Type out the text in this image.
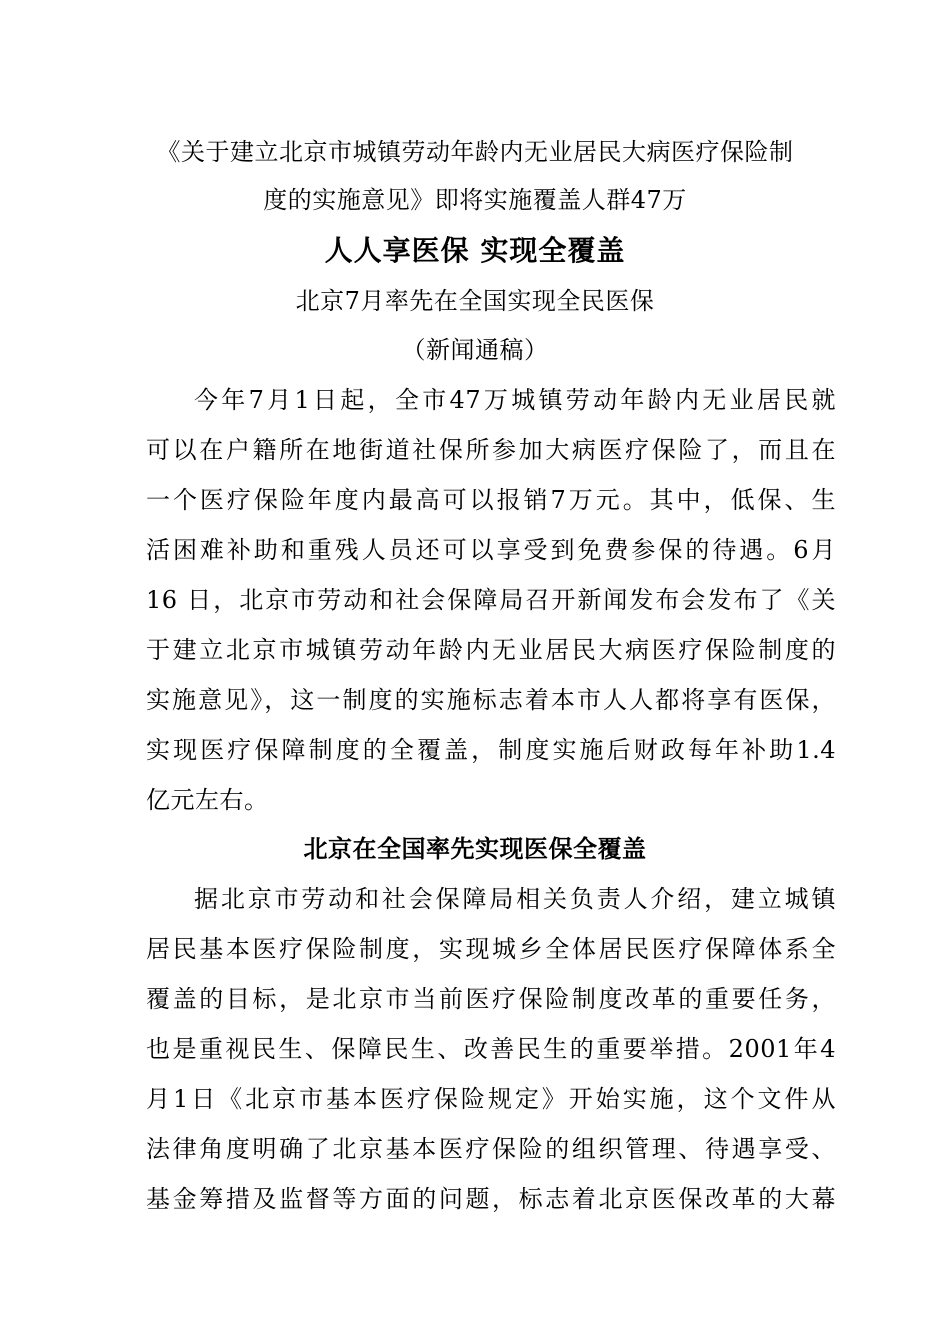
《关于建立北京市城镇劳动年龄内无业居民大病医疗保险制
度的实施意见》即将实施覆盖人群47万
人人享医保 实现全覆盖
北京7月率先在全国实现全民医保
（新闻通稿）
今年7月1日起，全市47万城镇劳动年龄内无业居民就
可以在户籍所在地街道社保所参加大病医疗保险了，而且在
一个医疗保险年度内最高可以报销7万元。其中，低保、生
活困难补助和重残人员还可以享受到免费参保的待遇。6月
16 日，北京市劳动和社会保障局召开新闻发布会发布了《关
于建立北京市城镇劳动年龄内无业居民大病医疗保险制度的
实施意见》，这一制度的实施标志着本市人人都将享有医保，
实现医疗保障制度的全覆盖，制度实施后财政每年补助1.4
亿元左右。
北京在全国率先实现医保全覆盖
据北京市劳动和社会保障局相关负责人介绍，建立城镇
居民基本医疗保险制度，实现城乡全体居民医疗保障体系全
覆盖的目标，是北京市当前医疗保险制度改革的重要任务，
也是重视民生、保障民生、改善民生的重要举措。2001年4
月1日《北京市基本医疗保险规定》开始实施，这个文件从
法律角度明确了北京基本医疗保险的组织管理、待遇享受、
基金筹措及监督等方面的问题，标志着北京医保改革的大幕
